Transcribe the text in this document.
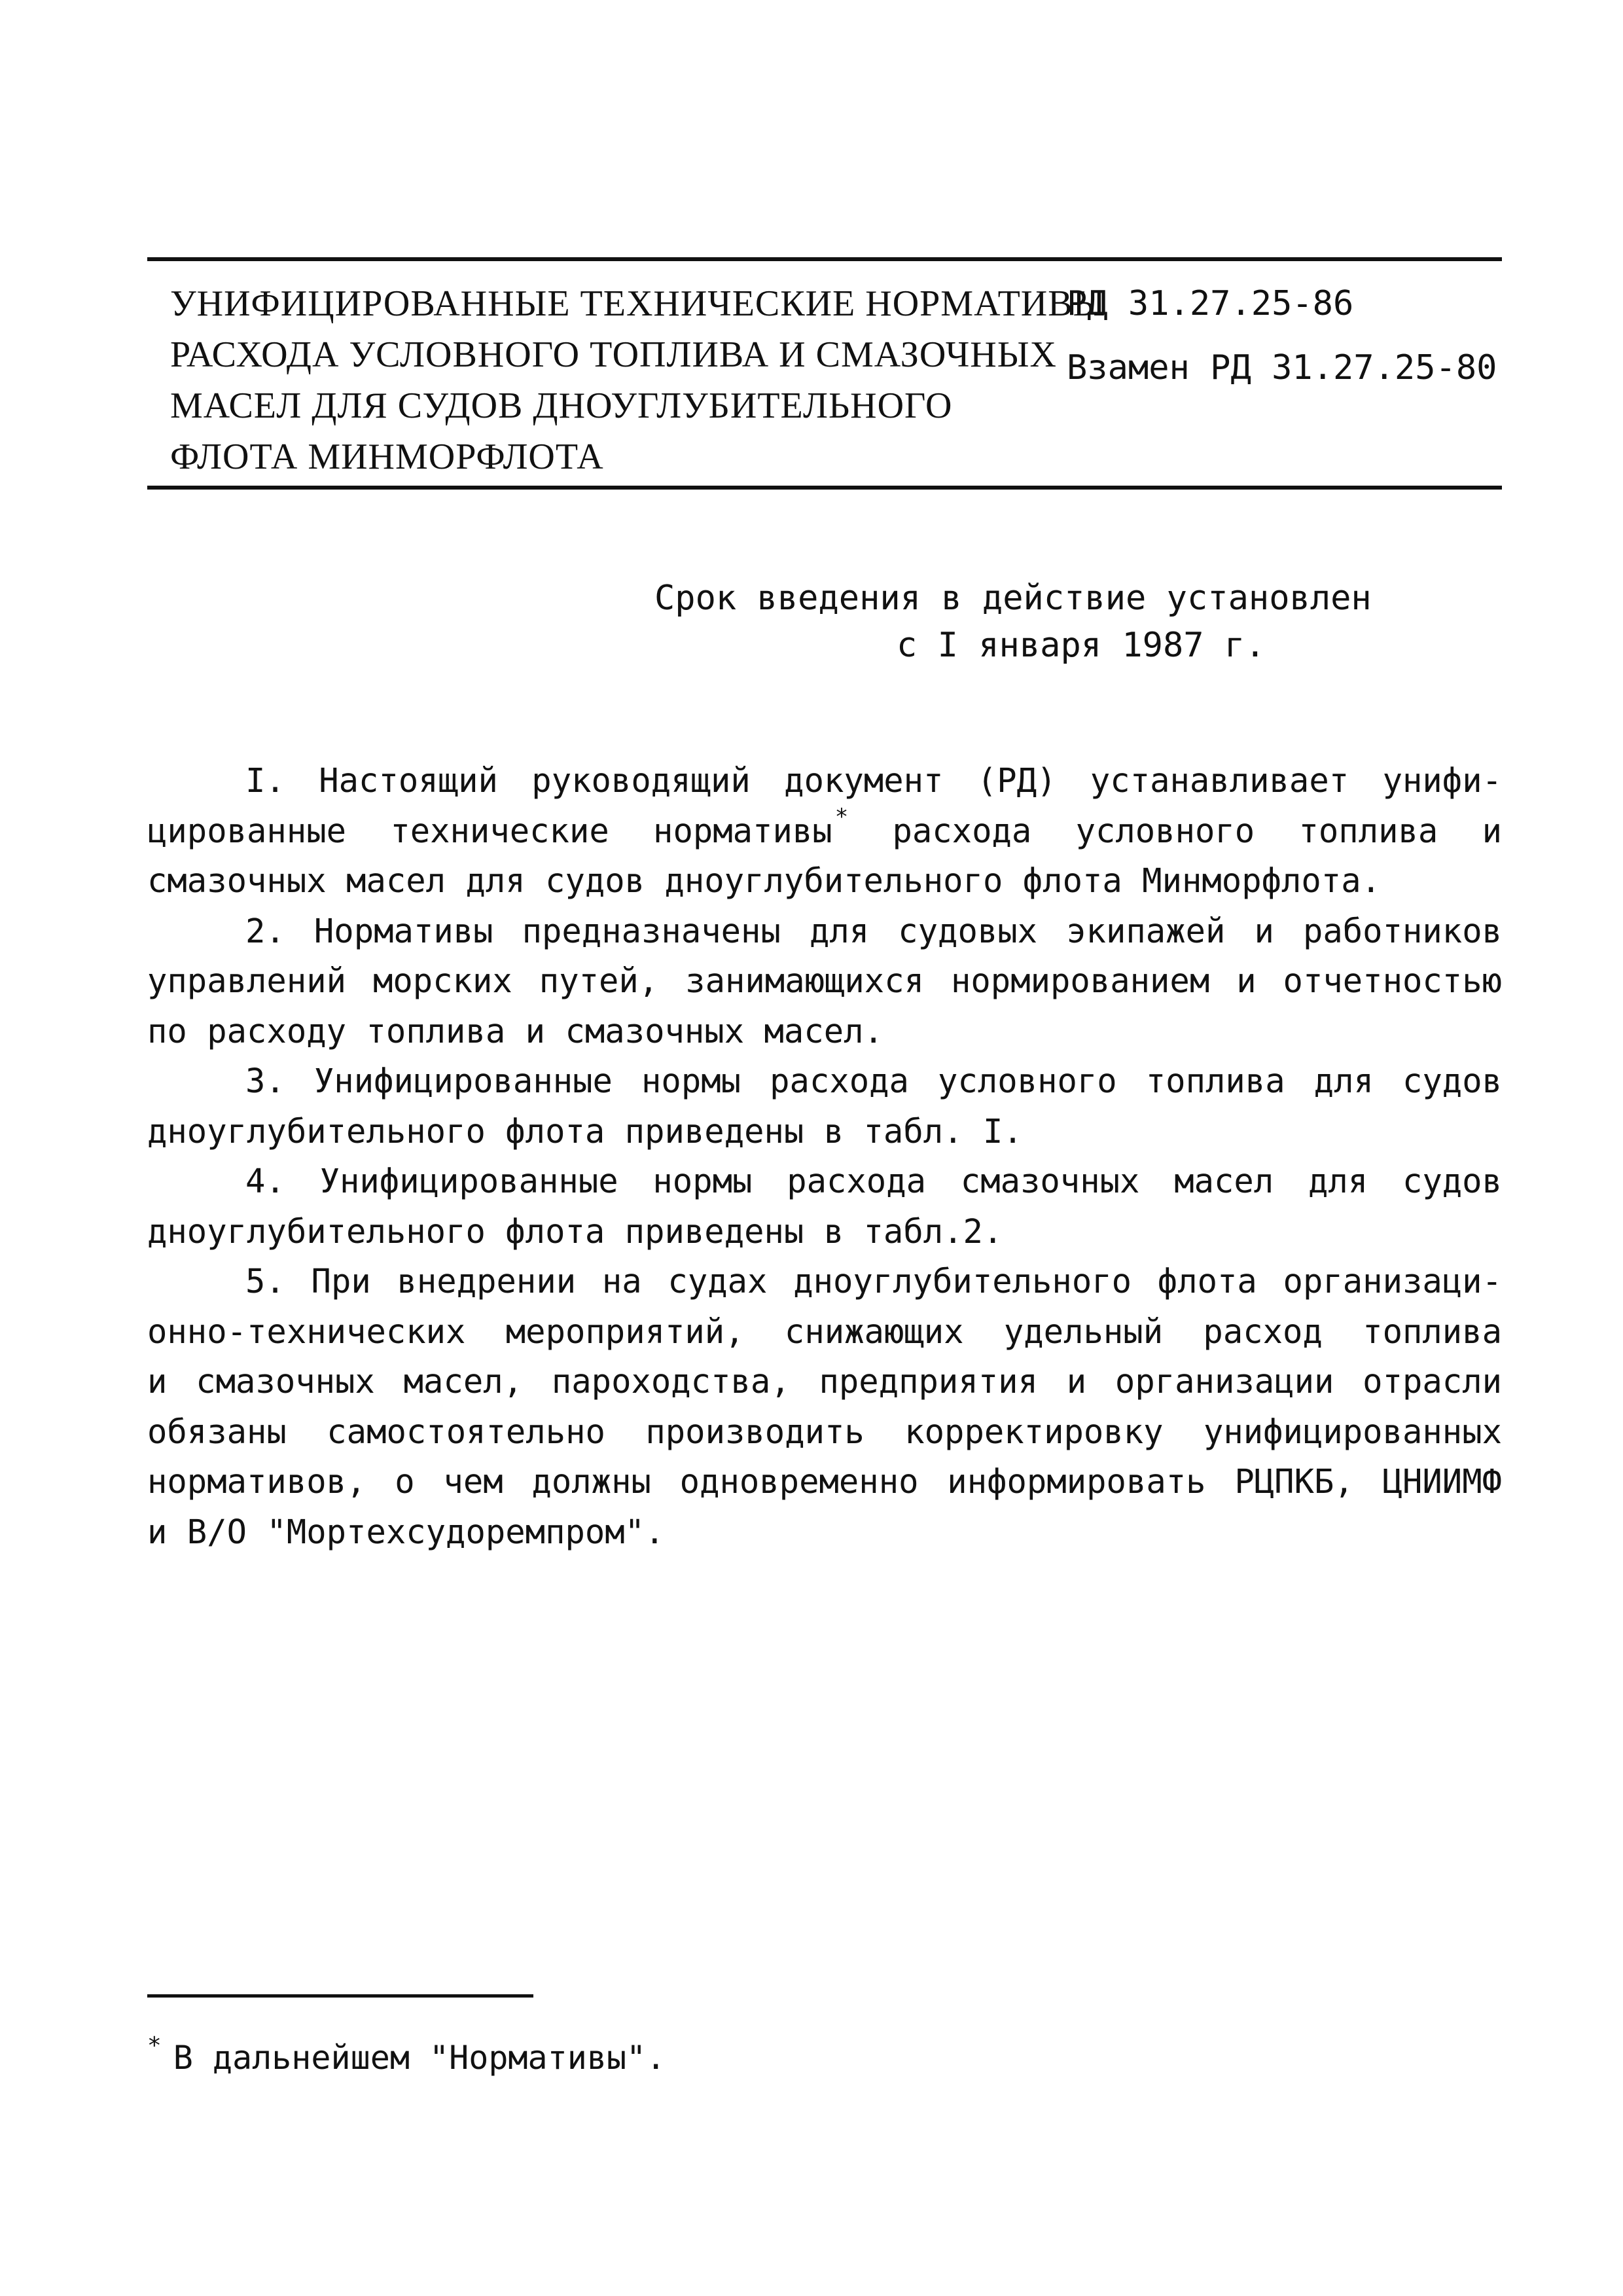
УНИФИЦИРОВАННЫЕ ТЕХНИЧЕСКИЕ НОРМАТИВЫ
РАСХОДА УСЛОВНОГО ТОПЛИВА И СМАЗОЧНЫХ
МАСЕЛ ДЛЯ СУДОВ ДНОУГЛУБИТЕЛЬНОГО
ФЛОТА МИНМОРФЛОТА
РД 31.27.25-86
Взамен РД 31.27.25-80
Срок введения в действие установлен
с I января 1987 г.
I. Настоящий руководящий документ (РД) устанавливает унифи-
цированные технические нормативы * расхода условного топлива и
смазочных масел для судов дноуглубительного флота Минморфлота.
2. Нормативы предназначены для судовых экипажей и работников
управлений морских путей, занимающихся нормированием и отчетностью
по расходу топлива и смазочных масел.
3. Унифицированные нормы расхода условного топлива для судов
дноуглубительного флота приведены в табл. I.
4. Унифицированные нормы расхода смазочных масел для судов
дноуглубительного флота приведены в табл.2.
5. При внедрении на судах дноуглубительного флота организаци-
онно-технических мероприятий, снижающих удельный расход топлива
и смазочных масел, пароходства, предприятия и организации отрасли
обязаны самостоятельно производить корректировку унифицированных
нормативов, о чем должны одновременно информировать РЦПКБ, ЦНИИМФ
и В/О "Мортехсудоремпром".
* В дальнейшем "Нормативы".
